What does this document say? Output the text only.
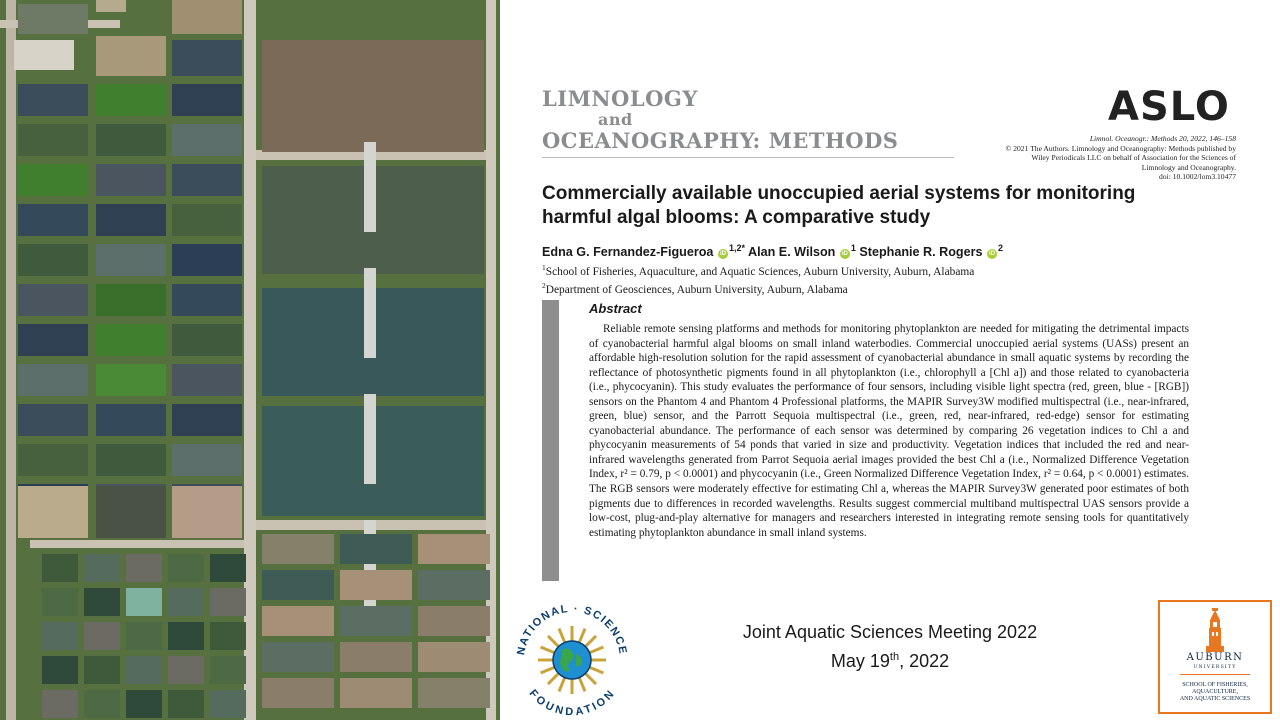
LIMNOLOGY
and
OCEANOGRAPHY: METHODS
ASLO
Limnol. Oceanogr.: Methods 20, 2022, 146–158
© 2021 The Authors. Limnology and Oceanography: Methods published by
Wiley Periodicals LLC on behalf of Association for the Sciences of
Limnology and Oceanography.
doi: 10.1002/lom3.10477
Commercially available unoccupied aerial systems for monitoring harmful algal blooms: A comparative study
Edna G. Fernandez-Figueroa $iD^{1,2*}$ Alan E. Wilson $iD^1$ Stephanie R. Rogers $iD^2$
$^1$School of Fisheries, Aquaculture, and Aquatic Sciences, Auburn University, Auburn, Alabama
$^2$Department of Geosciences, Auburn University, Auburn, Alabama
Abstract

Reliable remote sensing platforms and methods for monitoring phytoplankton are needed for mitigating the detrimental impacts of cyanobacterial harmful algal blooms on small inland waterbodies. Commercial unoccupied aerial systems (UASs) present an affordable high-resolution solution for the rapid assessment of cyanobacterial abundance in small aquatic systems by recording the reflectance of photosynthetic pigments found in all phytoplankton (i.e., chlorophyll a [Chl a]) and those related to cyanobacteria (i.e., phycocyanin). This study evaluates the performance of four sensors, including visible light spectra (red, green, blue - [RGB]) sensors on the Phantom 4 and Phantom 4 Professional platforms, the MAPIR Survey3W modified multispectral (i.e., near-infrared, green, blue) sensor, and the Parrott Sequoia multispectral (i.e., green, red, near-infrared, red-edge) sensor for estimating cyanobacterial abundance. The performance of each sensor was determined by comparing 26 vegetation indices to Chl a and phycocyanin measurements of 54 ponds that varied in size and productivity. Vegetation indices that included the red and near-infrared wavelengths generated from Parrot Sequoia aerial images provided the best Chl a (i.e., Normalized Difference Vegetation Index, r² = 0.79, p < 0.0001) and phycocyanin (i.e., Green Normalized Difference Vegetation Index, r² = 0.64, p < 0.0001) estimates. The RGB sensors were moderately effective for estimating Chl a, whereas the MAPIR Survey3W generated poor estimates of both pigments due to differences in recorded wavelengths. Results suggest commercial multiband multispectral UAS sensors provide a low-cost, plug-and-play alternative for managers and researchers interested in integrating remote sensing tools for quantitatively estimating phytoplankton abundance in small inland systems.

NATIONAL · SCIENCE
FOUNDATION
Joint Aquatic Sciences Meeting 2022
May 19th, 2022	AUBURN
UNIVERSITY
SCHOOL OF FISHERIES,
AQUACULTURE,
AND AQUATIC SCIENCES
